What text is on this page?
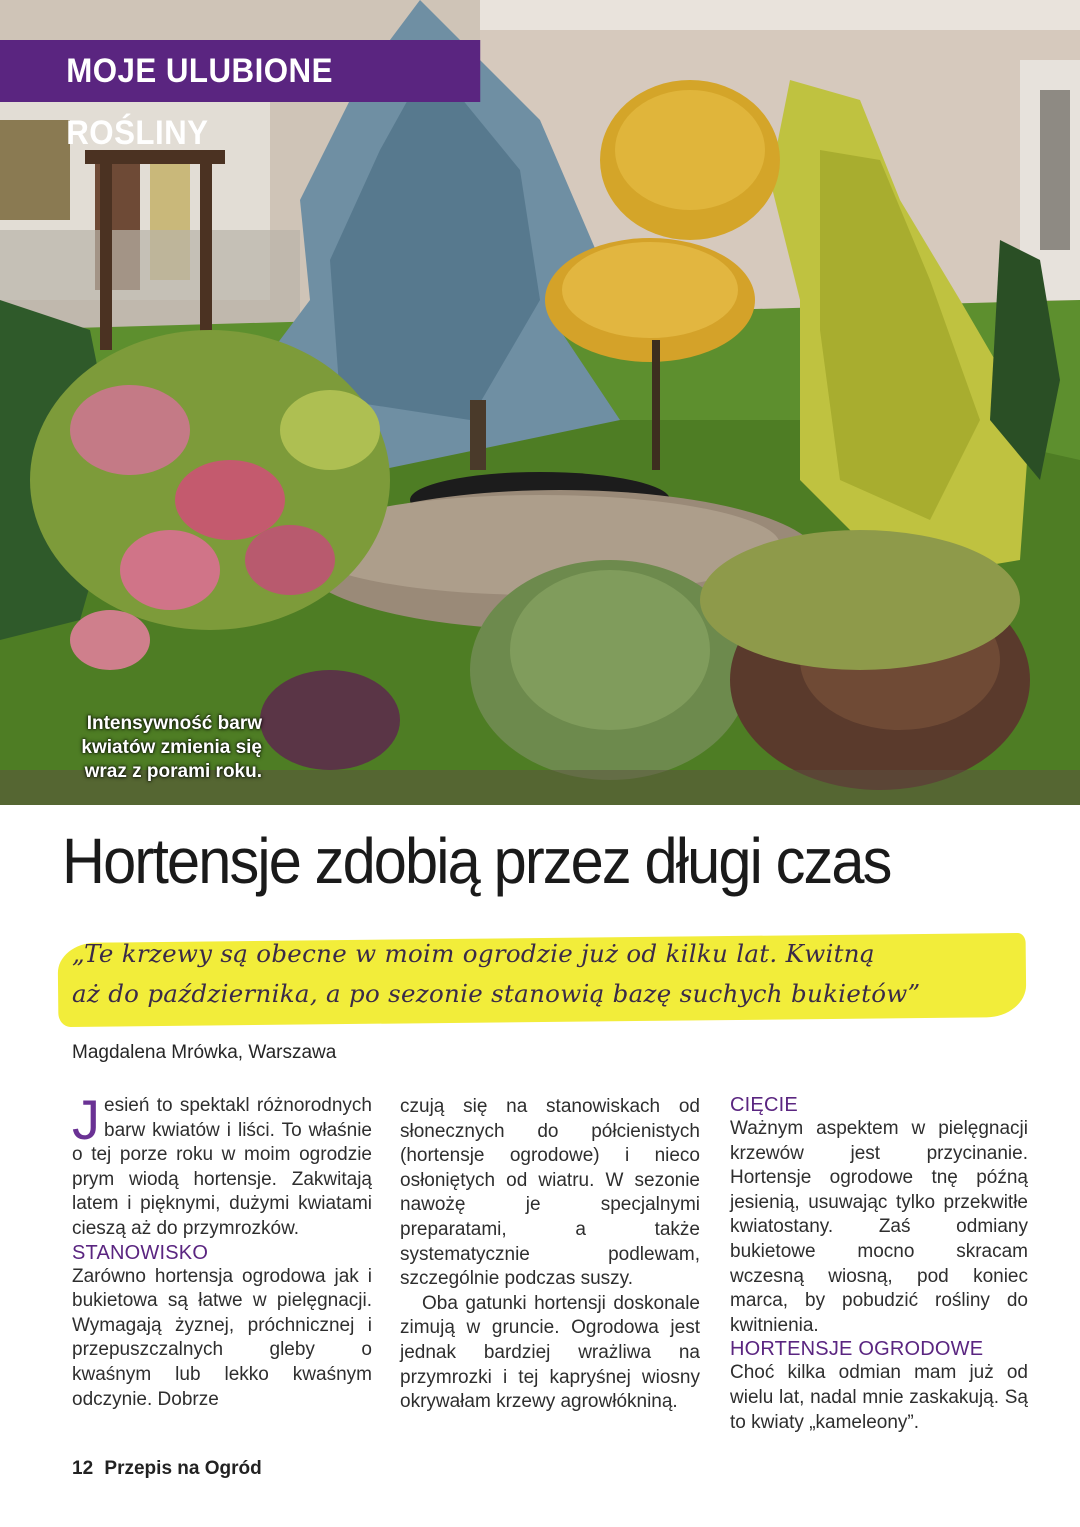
MOJE ULUBIONE ROŚLINY
Intensywność barw
kwiatów zmienia się
wraz z porami roku.
Hortensje zdobią przez długi czas

„Te krzewy są obecne w moim ogrodzie już od kilku lat. Kwitną
aż do października, a po sezonie stanowią bazę suchych bukietów”

Magdalena Mrówka, Warszawa

Jesień to spektakl różnorodnych barw kwiatów i liści. To właśnie o tej porze roku w moim ogrodzie prym wiodą hortensje. Zakwitają latem i pięknymi, dużymi kwiatami cieszą aż do przymrozków.

STANOWISKO

Zarówno hortensja ogrodowa jak i bukietowa są łatwe w pielęgnacji. Wymagają żyznej, próchnicznej i przepuszczalnych gleby o kwaśnym lub lekko kwaśnym odczynie. Dobrze

czują się na stanowiskach od słonecznych do półcienistych (hortensje ogrodowe) i nieco osłoniętych od wiatru. W sezonie nawożę je specjalnymi preparatami, a także systematycznie podlewam, szczególnie podczas suszy.

Oba gatunki hortensji doskonale zimują w gruncie. Ogrodowa jest jednak bardziej wrażliwa na przymrozki i tej kapryśnej wiosny okrywałam krzewy agrowłókniną.

CIĘCIE

Ważnym aspektem w pielęgnacji krzewów jest przycinanie. Hortensje ogrodowe tnę późną jesienią, usuwając tylko przekwitłe kwiatostany. Zaś odmiany bukietowe mocno skracam wczesną wiosną, pod koniec marca, by pobudzić rośliny do kwitnienia.

HORTENSJE OGRODOWE

Choć kilka odmian mam już od wielu lat, nadal mnie zaskakują. Są to kwiaty „kameleony”.

12 Przepis na Ogród
